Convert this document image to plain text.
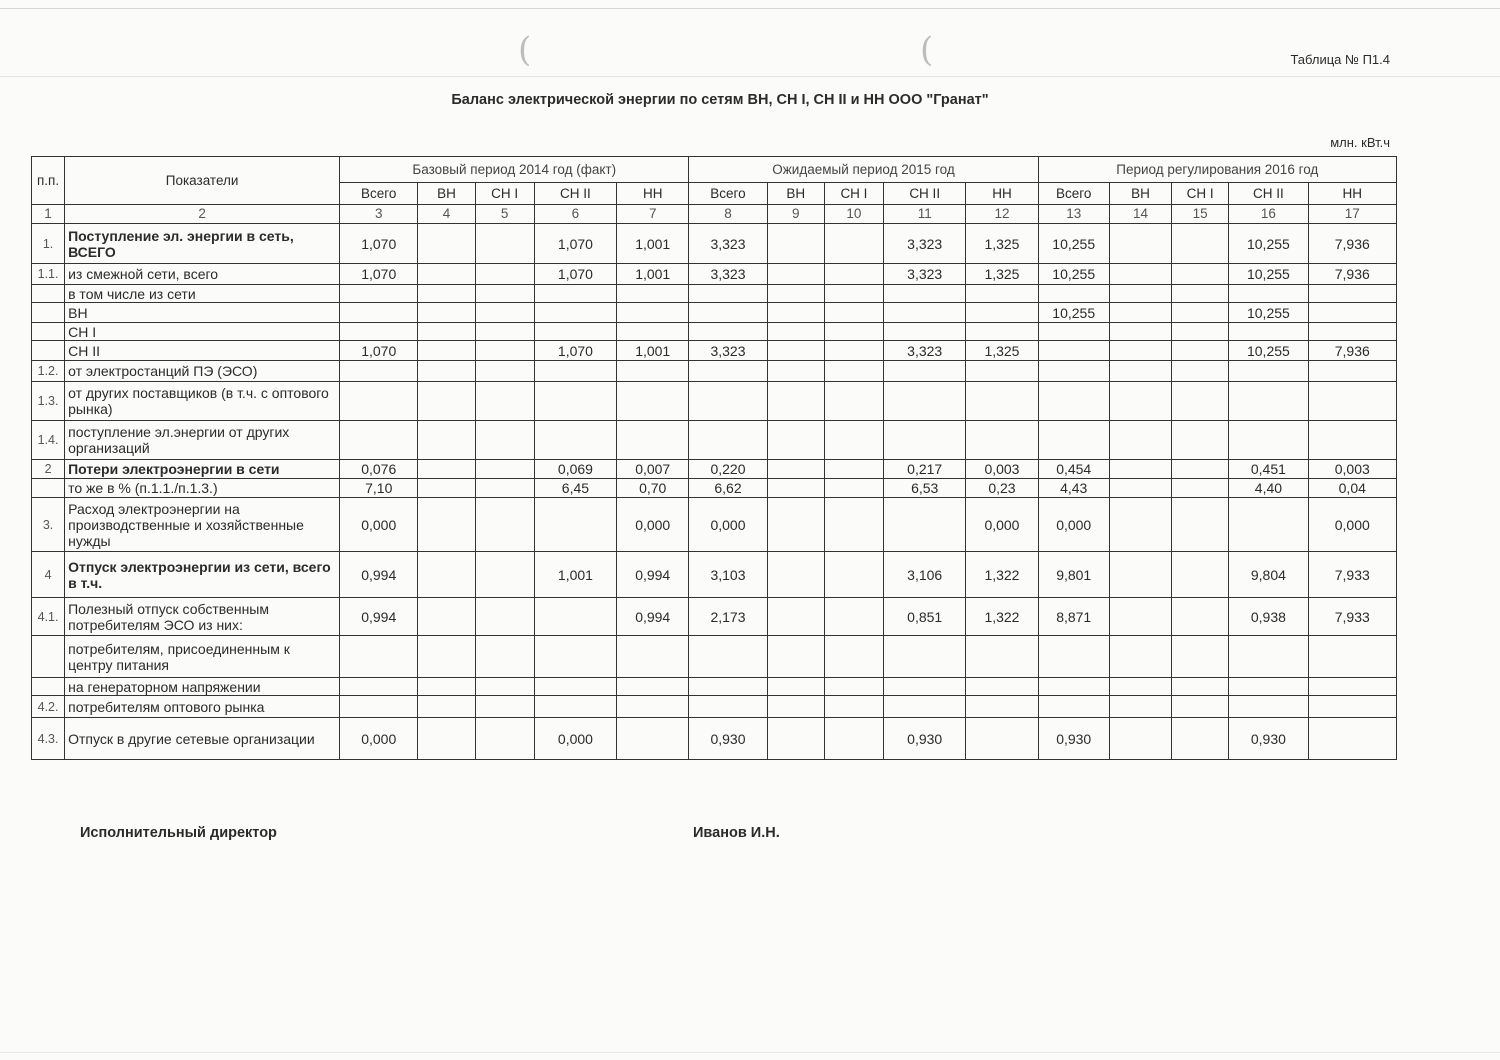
(	(	Таблица № П1.4
Баланс электрической энергии по сетям ВН, СН I, СН II и НН ООО "Гранат"
млн. кВт.ч
п.п.	Показатели	Базовый период 2014 год (факт)					Ожидаемый период 2015 год					Период регулирования 2016 год				
		Всего	ВН	СН I	СН II	НН	Всего	ВН	СН I	СН II	НН	Всего	ВН	СН I	СН II	НН
1	2	3	4	5	6	7	8	9	10	11	12	13	14	15	16	17
1.	Поступление эл. энергии в сеть, ВСЕГО	1,070			1,070	1,001	3,323			3,323	1,325	10,255			10,255	7,936
1.1.	из смежной сети, всего	1,070			1,070	1,001	3,323			3,323	1,325	10,255			10,255	7,936
	в том числе из сети															
	ВН											10,255			10,255	
	СН I															
	СН II	1,070			1,070	1,001	3,323			3,323	1,325				10,255	7,936
1.2.	от электростанций ПЭ (ЭСО)															
1.3.	от других поставщиков (в т.ч. с оптового рынка)															
1.4.	поступление эл.энергии от других организаций															
2	Потери электроэнергии в сети	0,076			0,069	0,007	0,220			0,217	0,003	0,454			0,451	0,003
	то же в % (п.1.1./п.1.3.)	7,10			6,45	0,70	6,62			6,53	0,23	4,43			4,40	0,04
3.	Расход электроэнергии на производственные и хозяйственные нужды	0,000				0,000	0,000				0,000	0,000				0,000
4	Отпуск электроэнергии из сети, всего в т.ч.	0,994			1,001	0,994	3,103			3,106	1,322	9,801			9,804	7,933
4.1.	Полезный отпуск собственным потребителям ЭСО из них:	0,994				0,994	2,173			0,851	1,322	8,871			0,938	7,933
	потребителям, присоединенным к центру питания															
	на генераторном напряжении															
4.2.	потребителям оптового рынка															
4.3.	Отпуск в другие сетевые организации	0,000			0,000		0,930			0,930		0,930			0,930	
Исполнительный директор	Иванов И.Н.
